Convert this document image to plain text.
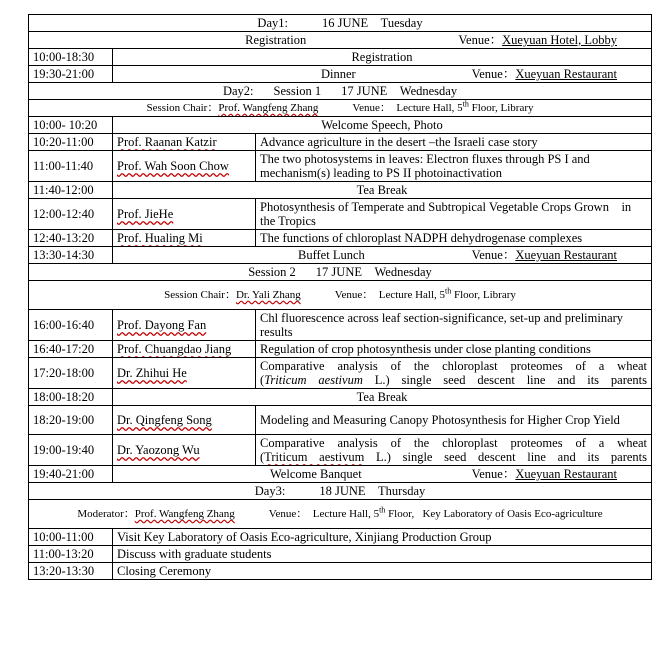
Day1: 16 JUNE Tuesday		
Registration Venue：Xueyuan Hotel, Lobby		

10:00-18:30	Registration	
19:30-21:00	Dinner Venue：Xueyuan Restaurant	

Day2: Session 1 17 JUNE Wednesday		
Session Chair：Prof. Wangfeng Zhang Venue： Lecture Hall, 5th Floor, Library		
10:00- 10:20	Welcome Speech, Photo	
10:20-11:00	Prof. Raanan Katzir	Advance agriculture in the desert –the Israeli case story
11:00-11:40	Prof. Wah Soon Chow	The two photosystems in leaves: Electron fluxes through PS I and mechanism(s) leading to PS II photoinactivation
11:40-12:00	Tea Break	
12:00-12:40	Prof. JieHe	Photosynthesis of Temperate and Subtropical Vegetable Crops Grown    in the Tropics
12:40-13:20	Prof. Hualing Mi	The functions of chloroplast NADPH dehydrogenase complexes
13:30-14:30	Buffet Lunch Venue：Xueyuan Restaurant	

Session 2 17 JUNE Wednesday		
Session Chair：Dr. Yali Zhang Venue： Lecture Hall, 5th Floor, Library		
16:00-16:40	Prof. Dayong Fan	Chl fluorescence across leaf section-significance, set-up and preliminary results
16:40-17:20	Prof. Chuangdao Jiang	Regulation of crop photosynthesis under close planting conditions
17:20-18:00	Dr. Zhihui He	Comparative analysis of the chloroplast proteomes of a wheat
(Triticum aestivum L.) single seed descent line and its parents

18:00-18:20	Tea Break	
18:20-19:00	Dr. Qingfeng Song	Modeling and Measuring Canopy Photosynthesis for Higher Crop Yield
19:00-19:40	Dr. Yaozong Wu	Comparative analysis of the chloroplast proteomes of a wheat
(Triticum aestivum L.) single seed descent line and its parents

19:40-21:00	Welcome Banquet Venue：Xueyuan Restaurant	

Day3: 18 JUNE Thursday		
Moderator：Prof. Wangfeng Zhang Venue： Lecture Hall, 5th Floor, Key Laboratory of Oasis Eco-agriculture		
10:00-11:00	Visit Key Laboratory of Oasis Eco-agriculture, Xinjiang Production Group	
11:00-13:20	Discuss with graduate students	
13:20-13:30	Closing Ceremony	
